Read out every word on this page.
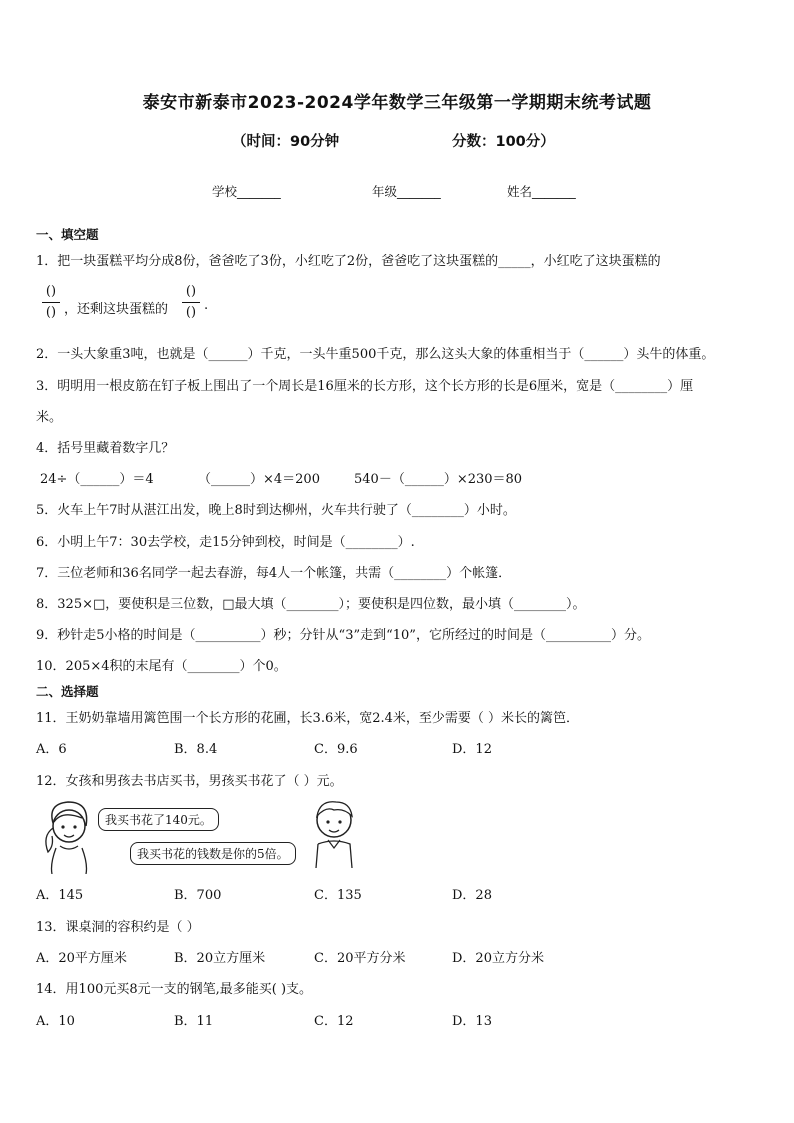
泰安市新泰市2023-2024学年数学三年级第一学期期末统考试题
（时间：90分钟	分数：100分）
学校_______	年级_______	姓名_______
一、填空题
1．把一块蛋糕平均分成8份，爸爸吃了3份，小红吃了2份，爸爸吃了这块蛋糕的_____，小红吃了这块蛋糕的
()
() ，还剩这块蛋糕的
()
() .
2．一头大象重3吨，也就是（______）千克，一头牛重500千克，那么这头大象的体重相当于（______）头牛的体重。
3．明明用一根皮筋在钉子板上围出了一个周长是16厘米的长方形，这个长方形的长是6厘米，宽是（________）厘
米。
4．括号里藏着数字几？
24÷（______）＝4	（______）×4＝200	540－（______）×230＝80
5．火车上午7时从湛江出发，晚上8时到达柳州，火车共行驶了（________）小时。
6．小明上午7：30去学校，走15分钟到校，时间是（________）.
7．三位老师和36名同学一起去春游，每4人一个帐篷，共需（________）个帐篷．
8．325×□，要使积是三位数，□最大填（________）；要使积是四位数，最小填（________）。
9．秒针走5小格的时间是（__________）秒；分针从“3”走到“10”，它所经过的时间是（__________）分。
10．205×4积的末尾有（________）个0。
二、选择题
11．王奶奶靠墙用篱笆围一个长方形的花圃，长3.6米，宽2.4米，至少需要（ ）米长的篱笆．
A．6	B．8.4	C．9.6	D．12
12．女孩和男孩去书店买书，男孩买书花了（ ）元。
我买书花了140元。
我买书花的钱数是你的5倍。
A．145	B．700	C．135	D．28
13．课桌洞的容积约是（ ）
A．20平方厘米	B．20立方厘米	C．20平方分米	D．20立方分米
14．用100元买8元一支的钢笔,最多能买( )支。
A．10	B．11	C．12	D．13
